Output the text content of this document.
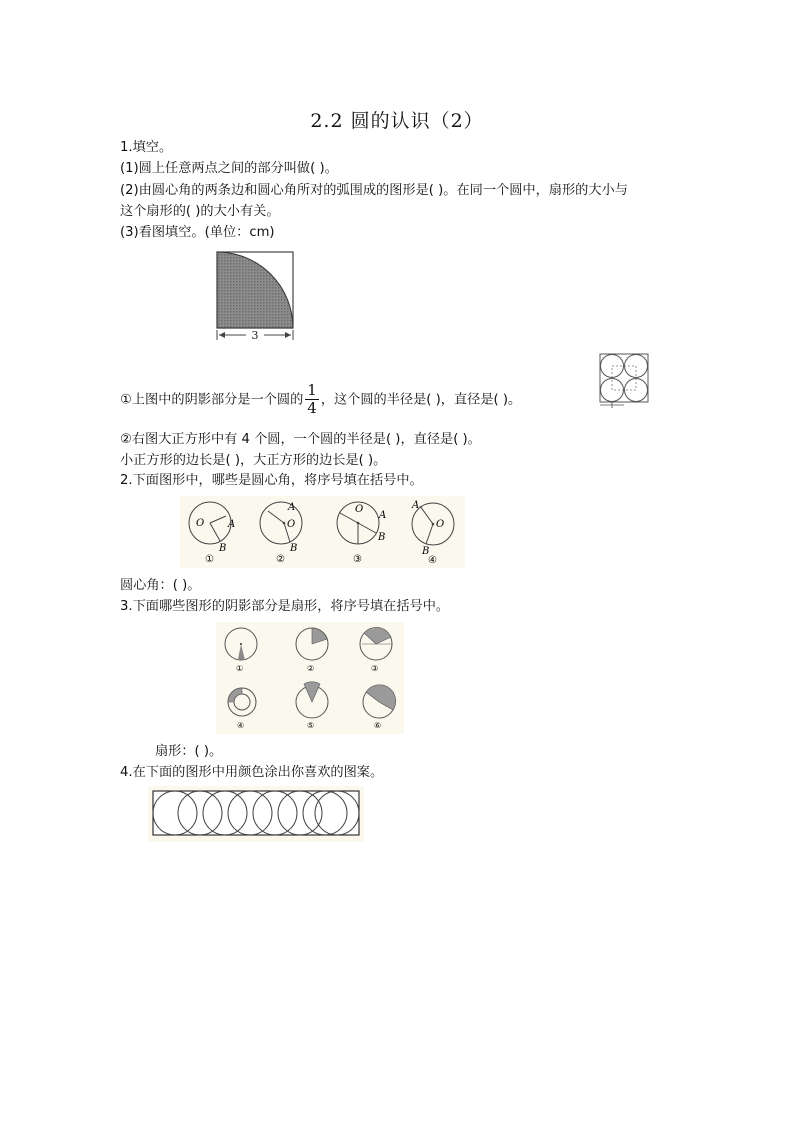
2.2 圆的认识（2）
1.填空。
(1)圆上任意两点之间的部分叫做( )。
(2)由圆心角的两条边和圆心角所对的弧围成的图形是( )。在同一个圆中，扇形的大小与
这个扇形的( )的大小有关。
(3)看图填空。(单位：cm)
3
①上图中的阴影部分是一个圆的 $\frac{1}{4}$ ，这个圆的半径是( )，直径是( )。	1
②右图大正方形中有 4 个圆，一个圆的半径是( )，直径是( )。
小正方形的边长是( )，大正方形的边长是( )。
2.下面图形中，哪些是圆心角，将序号填在括号中。
O A
B
①
O
A
B
②
O
A
B
③
O
A
B
④
圆心角：( )。
3.下面哪些图形的阴影部分是扇形，将序号填在括号中。
①	②	③
④	⑤	⑥
扇形：( )。
4.在下面的图形中用颜色涂出你喜欢的图案。
